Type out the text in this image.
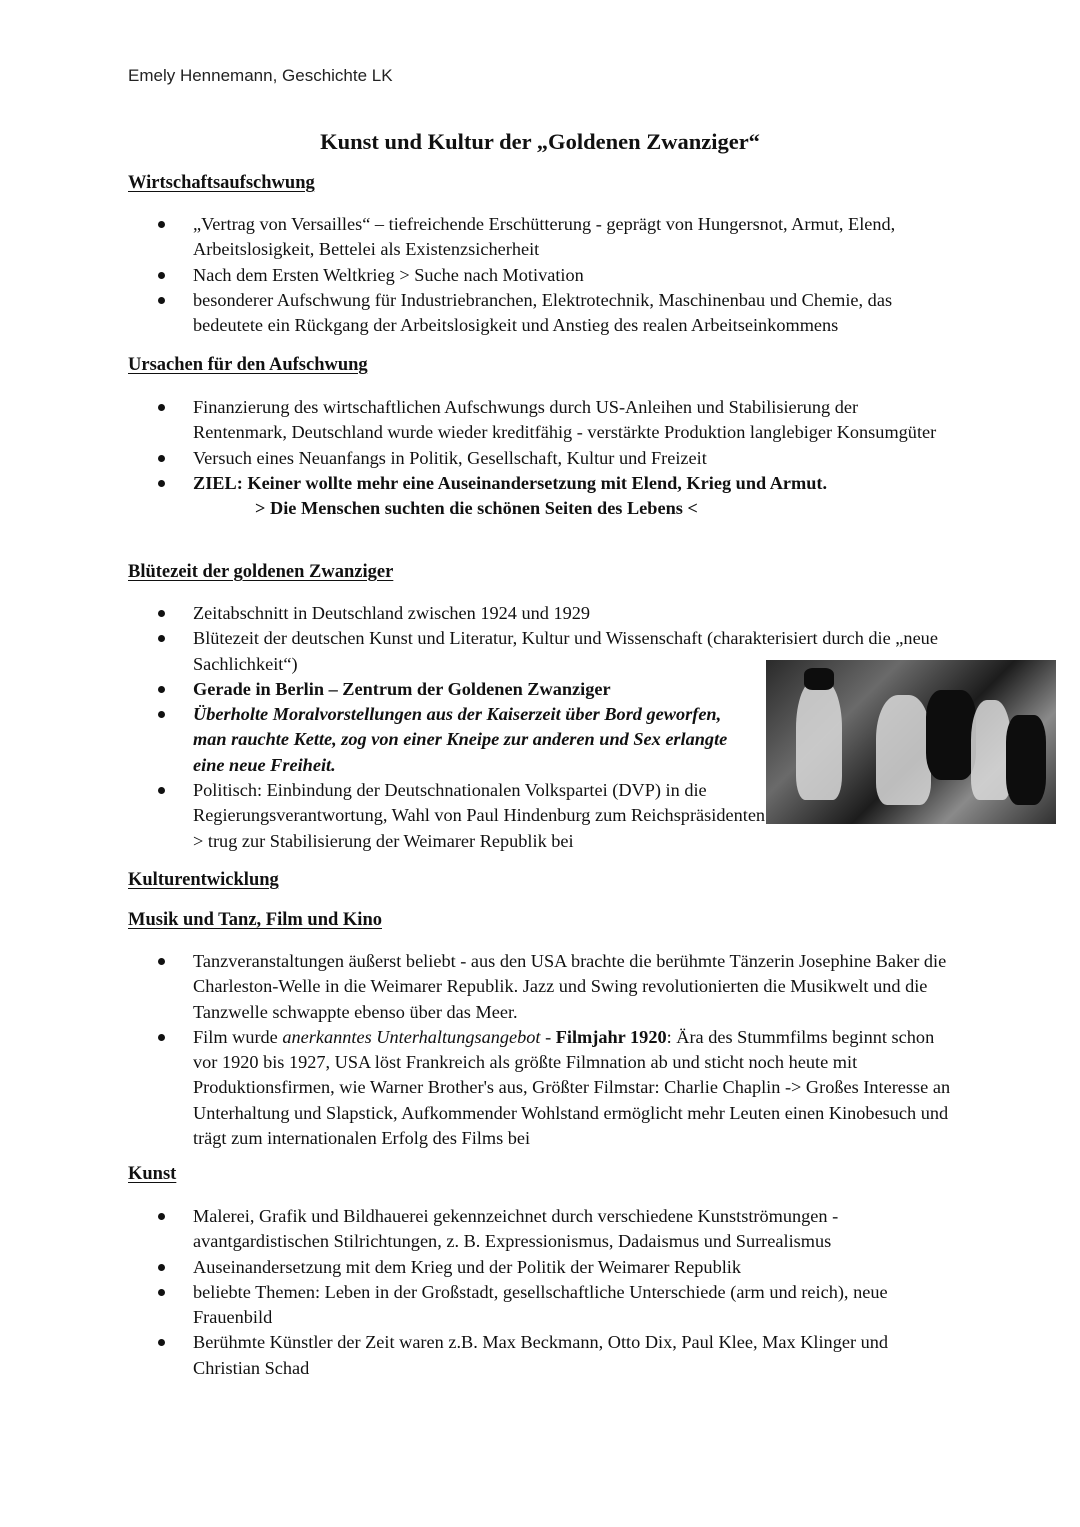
Emely Hennemann, Geschichte LK
Kunst und Kultur der „Goldenen Zwanziger“
Wirtschaftsaufschwung
„Vertrag von Versailles“ – tiefreichende Erschütterung - geprägt von Hungersnot, Armut, Elend, Arbeitslosigkeit, Bettelei als Existenzsicherheit
Nach dem Ersten Weltkrieg > Suche nach Motivation
besonderer Aufschwung für Industriebranchen, Elektrotechnik, Maschinenbau und Chemie, das bedeutete ein Rückgang der Arbeitslosigkeit und Anstieg des realen Arbeitseinkommens
Ursachen für den Aufschwung
Finanzierung des wirtschaftlichen Aufschwungs durch US-Anleihen und Stabilisierung der Rentenmark, Deutschland wurde wieder kreditfähig - verstärkte Produktion langlebiger Konsumgüter
Versuch eines Neuanfangs in Politik, Gesellschaft, Kultur und Freizeit
ZIEL: Keiner wollte mehr eine Auseinandersetzung mit Elend, Krieg und Armut.
> Die Menschen suchten die schönen Seiten des Lebens <
Blütezeit der goldenen Zwanziger
Zeitabschnitt in Deutschland zwischen 1924 und 1929
Blütezeit der deutschen Kunst und Literatur, Kultur und Wissenschaft (charakterisiert durch die „neue Sachlichkeit“)
Gerade in Berlin – Zentrum der Goldenen Zwanziger
Überholte Moralvorstellungen aus der Kaiserzeit über Bord geworfen, man rauchte Kette, zog von einer Kneipe zur anderen und Sex erlangte eine neue Freiheit.
Politisch: Einbindung der Deutschnationalen Volkspartei (DVP) in die Regierungsverantwortung, Wahl von Paul Hindenburg zum Reichspräsidenten > trug zur Stabilisierung der Weimarer Republik bei
Kulturentwicklung
Musik und Tanz, Film und Kino
Tanzveranstaltungen äußerst beliebt - aus den USA brachte die berühmte Tänzerin Josephine Baker die Charleston-Welle in die Weimarer Republik. Jazz und Swing revolutionierten die Musikwelt und die Tanzwelle schwappte ebenso über das Meer.
Film wurde anerkanntes Unterhaltungsangebot - Filmjahr 1920: Ära des Stummfilms beginnt schon vor 1920 bis 1927, USA löst Frankreich als größte Filmnation ab und sticht noch heute mit Produktionsfirmen, wie Warner Brother's aus, Größter Filmstar: Charlie Chaplin -> Großes Interesse an Unterhaltung und Slapstick, Aufkommender Wohlstand ermöglicht mehr Leuten einen Kinobesuch und trägt zum internationalen Erfolg des Films bei
Kunst
Malerei, Grafik und Bildhauerei gekennzeichnet durch verschiedene Kunstströmungen - avantgardistischen Stilrichtungen, z. B. Expressionismus, Dadaismus und Surrealismus
Auseinandersetzung mit dem Krieg und der Politik der Weimarer Republik
beliebte Themen: Leben in der Großstadt, gesellschaftliche Unterschiede (arm und reich), neue Frauenbild
Berühmte Künstler der Zeit waren z.B. Max Beckmann, Otto Dix, Paul Klee, Max Klinger und Christian Schad
